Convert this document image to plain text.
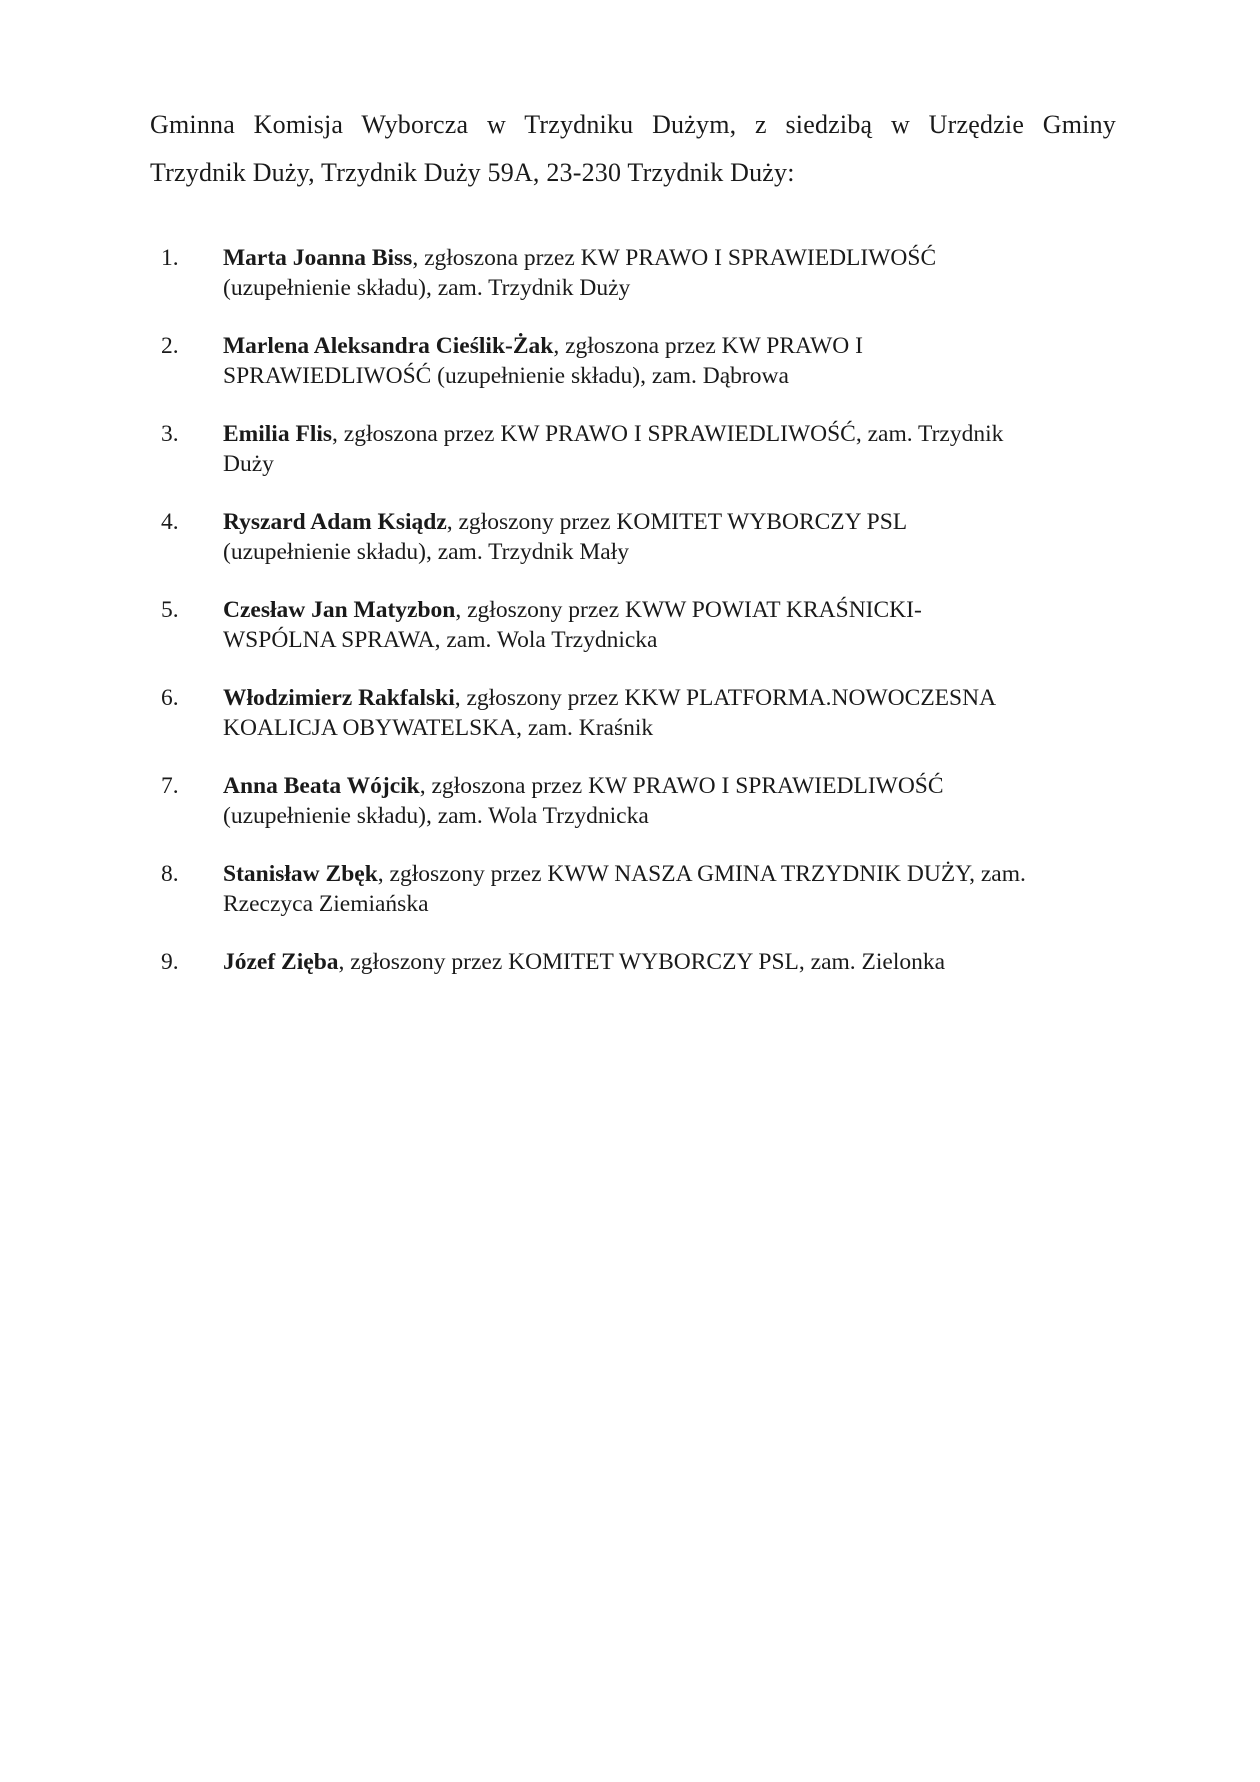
Gminna Komisja Wyborcza w Trzydniku Dużym, z siedzibą w Urzędzie Gminy
Trzydnik Duży, Trzydnik Duży 59A, 23-230 Trzydnik Duży:
1. Marta Joanna Biss, zgłoszona przez KW PRAWO I SPRAWIEDLIWOŚĆ
(uzupełnienie składu), zam. Trzydnik Duży
2. Marlena Aleksandra Cieślik-Żak, zgłoszona przez KW PRAWO I
SPRAWIEDLIWOŚĆ (uzupełnienie składu), zam. Dąbrowa
3. Emilia Flis, zgłoszona przez KW PRAWO I SPRAWIEDLIWOŚĆ, zam. Trzydnik
Duży
4. Ryszard Adam Ksiądz, zgłoszony przez KOMITET WYBORCZY PSL
(uzupełnienie składu), zam. Trzydnik Mały
5. Czesław Jan Matyzbon, zgłoszony przez KWW POWIAT KRAŚNICKI-
WSPÓLNA SPRAWA, zam. Wola Trzydnicka
6. Włodzimierz Rakfalski, zgłoszony przez KKW PLATFORMA.NOWOCZESNA
KOALICJA OBYWATELSKA, zam. Kraśnik
7. Anna Beata Wójcik, zgłoszona przez KW PRAWO I SPRAWIEDLIWOŚĆ
(uzupełnienie składu), zam. Wola Trzydnicka
8. Stanisław Zbęk, zgłoszony przez KWW NASZA GMINA TRZYDNIK DUŻY, zam.
Rzeczyca Ziemiańska
9. Józef Zięba, zgłoszony przez KOMITET WYBORCZY PSL, zam. Zielonka
